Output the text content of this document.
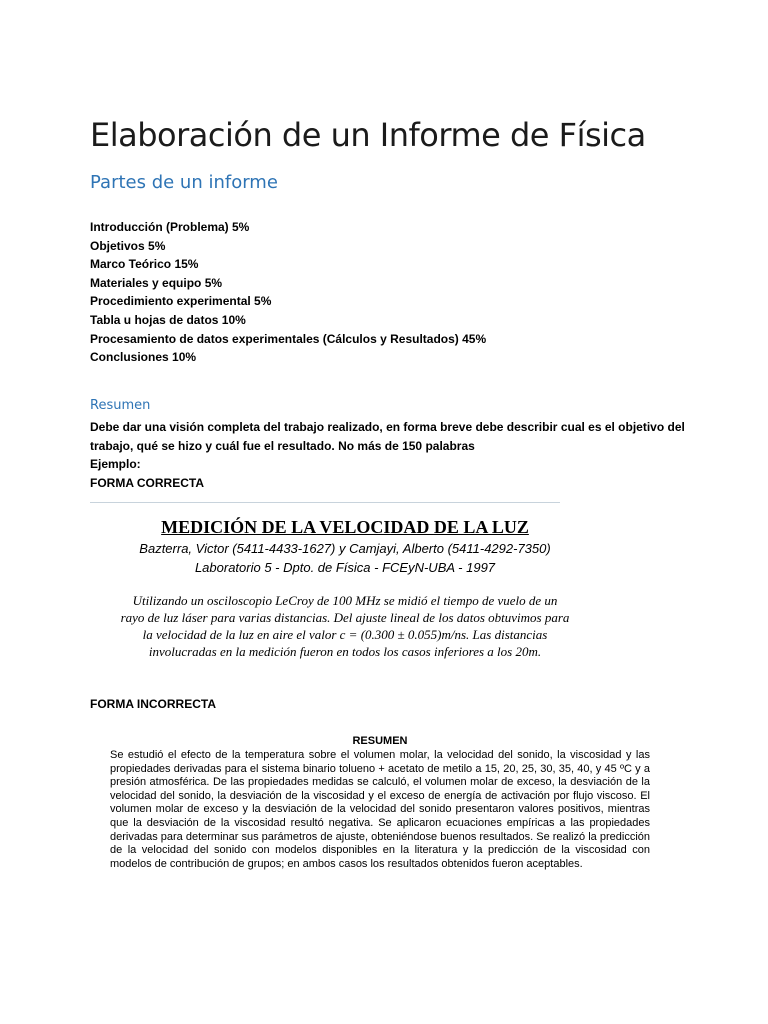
Elaboración de un Informe de Física
Partes de un informe
Introducción (Problema) 5%
Objetivos 5%
Marco Teórico 15%
Materiales y equipo 5%
Procedimiento experimental 5%
Tabla u hojas de datos 10%
Procesamiento de datos experimentales (Cálculos y Resultados) 45%
Conclusiones 10%
Resumen

Debe dar una visión completa del trabajo realizado, en forma breve debe describir cual es el objetivo del trabajo, qué se hizo y cuál fue el resultado. No más de 150 palabras

Ejemplo:

FORMA CORRECTA

MEDICIÓN DE LA VELOCIDAD DE LA LUZ
Bazterra, Victor (5411-4433-1627) y Camjayi, Alberto (5411-4292-7350)
Laboratorio 5 - Dpto. de Física - FCEyN-UBA - 1997
Utilizando un osciloscopio LeCroy de 100 MHz se midió el tiempo de vuelo de un rayo de luz láser para varias distancias. Del ajuste lineal de los datos obtuvimos para la velocidad de la luz en aire el valor c = (0.300 ± 0.055)m/ns. Las distancias involucradas en la medición fueron en todos los casos inferiores a los 20m.
FORMA INCORRECTA
RESUMEN
Se estudió el efecto de la temperatura sobre el volumen molar, la velocidad del sonido, la viscosidad y las propiedades derivadas para el sistema binario tolueno + acetato de metilo a 15, 20, 25, 30, 35, 40, y 45 ºC y a presión atmosférica. De las propiedades medidas se calculó, el volumen molar de exceso, la desviación de la velocidad del sonido, la desviación de la viscosidad y el exceso de energía de activación por flujo viscoso. El volumen molar de exceso y la desviación de la velocidad del sonido presentaron valores positivos, mientras que la desviación de la viscosidad resultó negativa. Se aplicaron ecuaciones empíricas a las propiedades derivadas para determinar sus parámetros de ajuste, obteniéndose buenos resultados. Se realizó la predicción de la velocidad del sonido con modelos disponibles en la literatura y la predicción de la viscosidad con modelos de contribución de grupos; en ambos casos los resultados obtenidos fueron aceptables.
